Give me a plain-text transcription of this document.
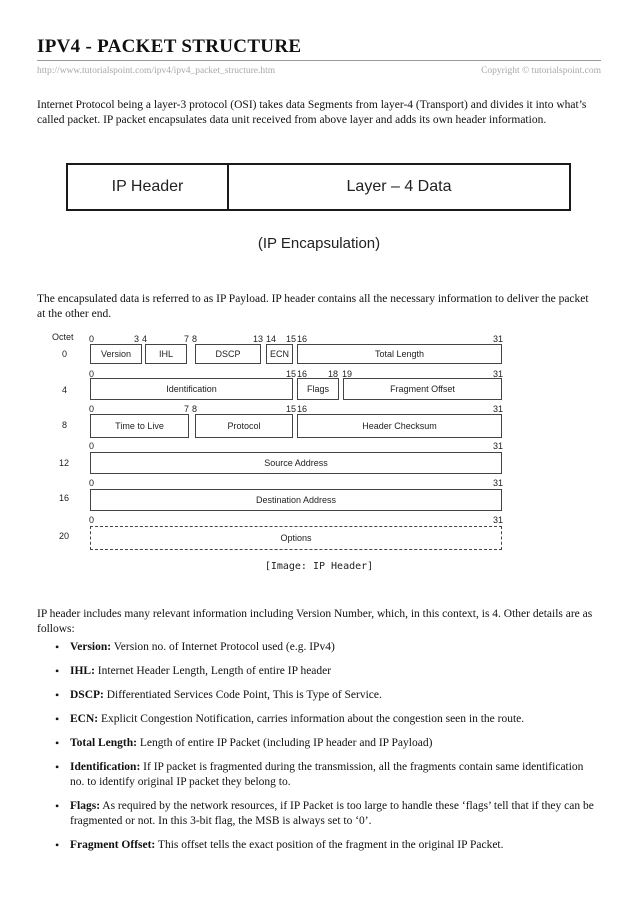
IPV4 - PACKET STRUCTURE
http://www.tutorialspoint.com/ipv4/ipv4_packet_structure.htm	Copyright © tutorialspoint.com
Internet Protocol being a layer-3 protocol (OSI) takes data Segments from layer-4 (Transport) and divides it into what’s called packet. IP packet encapsulates data unit received from above layer and adds its own header information.
IP Header	Layer – 4 Data
(IP Encapsulation)
The encapsulated data is referred to as IP Payload. IP header contains all the necessary information to deliver the packet at the other end.
Octet
0
4
8
12
16
20
0	3 4	7 8	13 14 15 16	31
Version	IHL	DSCP	ECN	Total Length
0	15 16 18 19	31
Identification	Flags	Fragment Offset
0	7 8	15 16	31
Time to Live	Protocol	Header Checksum
0	31
Source Address
0	31
Destination Address
0	31
Options
[Image: IP Header]
IP header includes many relevant information including Version Number, which, in this context, is 4. Other details are as follows:
• Version: Version no. of Internet Protocol used (e.g. IPv4)
• IHL: Internet Header Length, Length of entire IP header
• DSCP: Differentiated Services Code Point, This is Type of Service.
• ECN: Explicit Congestion Notification, carries information about the congestion seen in the route.
• Total Length: Length of entire IP Packet (including IP header and IP Payload)
• Identification: If IP packet is fragmented during the transmission, all the fragments contain same identification no. to identify original IP packet they belong to.
• Flags: As required by the network resources, if IP Packet is too large to handle these ‘flags’ tell that if they can be fragmented or not. In this 3-bit flag, the MSB is always set to ‘0’.
• Fragment Offset: This offset tells the exact position of the fragment in the original IP Packet.
